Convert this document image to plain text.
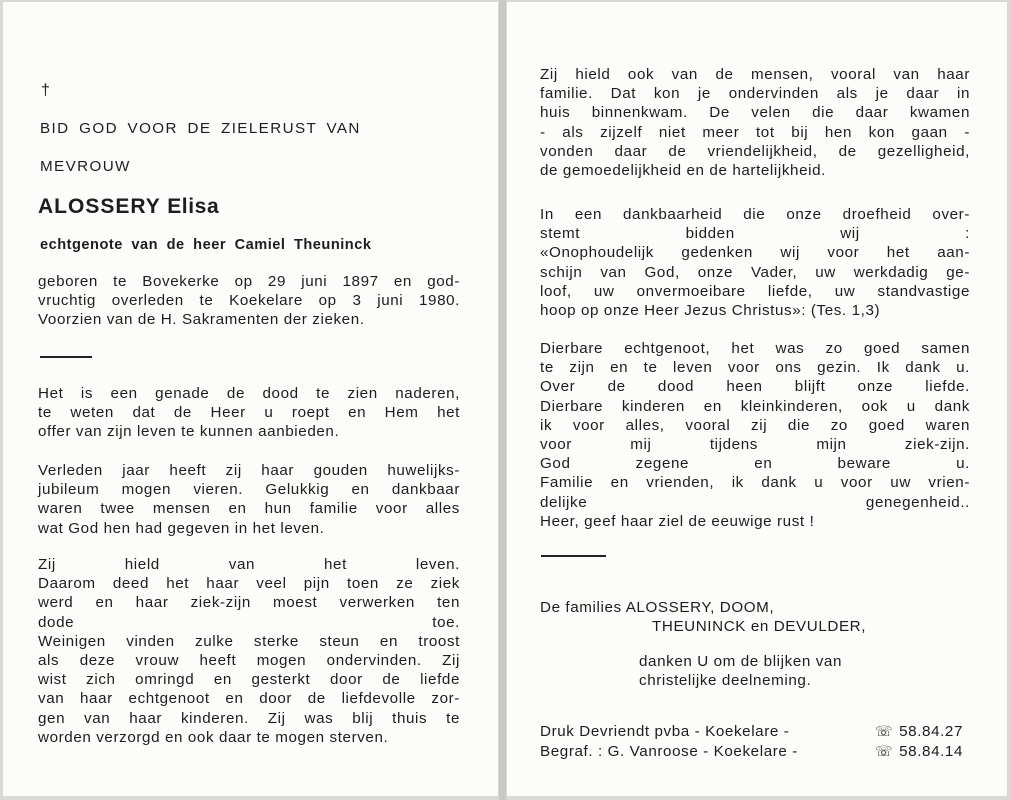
†
BID GOD VOOR DE ZIELERUST VAN
MEVROUW
ALOSSERY Elisa
echtgenote van de heer Camiel Theuninck
geboren te Bovekerke op 29 juni 1897 en god-
vruchtig overleden te Koekelare op 3 juni 1980.
Voorzien van de H. Sakramenten der zieken.
Het is een genade de dood te zien naderen,
te weten dat de Heer u roept en Hem het
offer van zijn leven te kunnen aanbieden.
Verleden jaar heeft zij haar gouden huwelijks-
jubileum mogen vieren. Gelukkig en dankbaar
waren twee mensen en hun familie voor alles
wat God hen had gegeven in het leven.
Zij hield van het leven.
Daarom deed het haar veel pijn toen ze ziek
werd en haar ziek-zijn moest verwerken ten
dode toe.
Weinigen vinden zulke sterke steun en troost
als deze vrouw heeft mogen ondervinden. Zij
wist zich omringd en gesterkt door de liefde
van haar echtgenoot en door de liefdevolle zor-
gen van haar kinderen. Zij was blij thuis te
worden verzorgd en ook daar te mogen sterven.
Zij hield ook van de mensen, vooral van haar
familie. Dat kon je ondervinden als je daar in
huis binnenkwam. De velen die daar kwamen
- als zijzelf niet meer tot bij hen kon gaan -
vonden daar de vriendelijkheid, de gezelligheid,
de gemoedelijkheid en de hartelijkheid.
In een dankbaarheid die onze droefheid over-
stemt bidden wij :
«Onophoudelijk gedenken wij voor het aan-
schijn van God, onze Vader, uw werkdadig ge-
loof, uw onvermoeibare liefde, uw standvastige
hoop op onze Heer Jezus Christus»: (Tes. 1,3)
Dierbare echtgenoot, het was zo goed samen
te zijn en te leven voor ons gezin. Ik dank u.
Over de dood heen blijft onze liefde.
Dierbare kinderen en kleinkinderen, ook u dank
ik voor alles, vooral zij die zo goed waren
voor mij tijdens mijn ziek-zijn.
God zegene en beware u.
Familie en vrienden, ik dank u voor uw vrien-
delijke genegenheid..
Heer, geef haar ziel de eeuwige rust !
De families ALOSSERY, DOOM,
THEUNINCK en DEVULDER,
danken U om de blijken van
christelijke deelneming.
Druk Devriendt pvba - Koekelare -	☏ 58.84.27
Begraf. : G. Vanroose - Koekelare -	☏ 58.84.14
